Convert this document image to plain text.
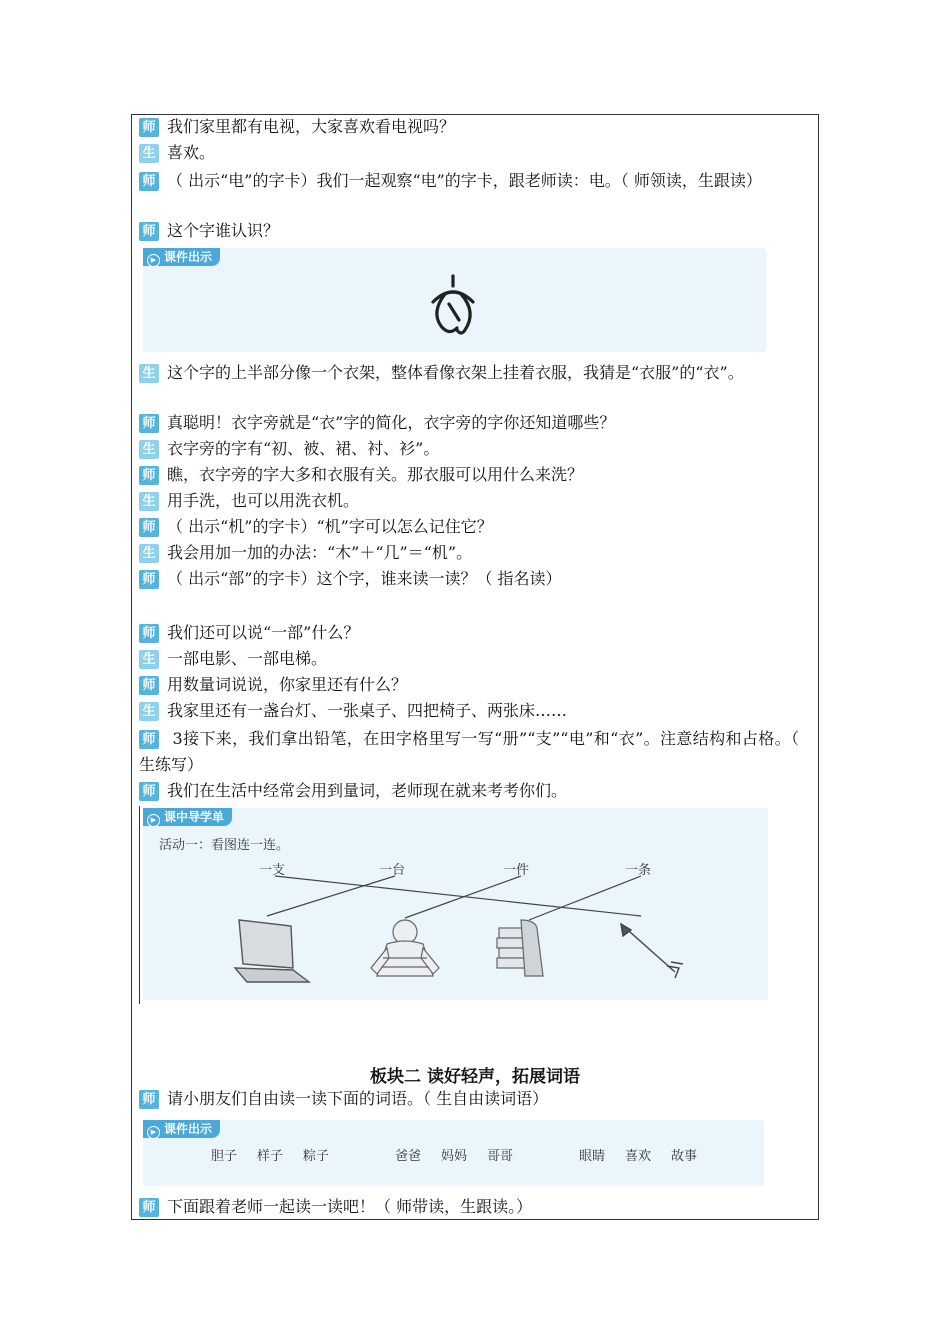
师 我们家里都有电视，大家喜欢看电视吗？
生 喜欢。
师 （ 出示“电”的字卡）我们一起观察“电”的字卡，跟老师读：电。（ 师领读，生跟读）
师 这个字谁认识？
▶ 课件出示
生 这个字的上半部分像一个衣架，整体看像衣架上挂着衣服，我猜是“衣服”的“衣”。
师 真聪明！衣字旁就是“衣”字的简化，衣字旁的字你还知道哪些？
生 衣字旁的字有“初、被、裙、衬、衫”。
师 瞧，衣字旁的字大多和衣服有关。那衣服可以用什么来洗？
生 用手洗，也可以用洗衣机。
师 （ 出示“机”的字卡）“机”字可以怎么记住它？
生 我会用加一加的办法：“木”＋“几”＝“机”。
师 （ 出示“部”的字卡）这个字，谁来读一读？（ 指名读）
师 我们还可以说“一部”什么？
生 一部电影、一部电梯。
师 用数量词说说，你家里还有什么？
生 我家里还有一盏台灯、一张桌子、四把椅子、两张床……
师 3接下来，我们拿出铅笔，在田字格里写一写“册”“支”“电”和“衣”。注意结构和占格。（ 生练写）
师 我们在生活中经常会用到量词，老师现在就来考考你们。
▶ 课中导学单
活动一：看图连一连。
一支	一台	一件	一条
板块二 读好轻声，拓展词语
师 请小朋友们自由读一读下面的词语。（ 生自由读词语）
▶ 课件出示
胆子 样子 粽子	爸爸 妈妈 哥哥	眼睛 喜欢 故事
师 下面跟着老师一起读一读吧！（ 师带读，生跟读。）
